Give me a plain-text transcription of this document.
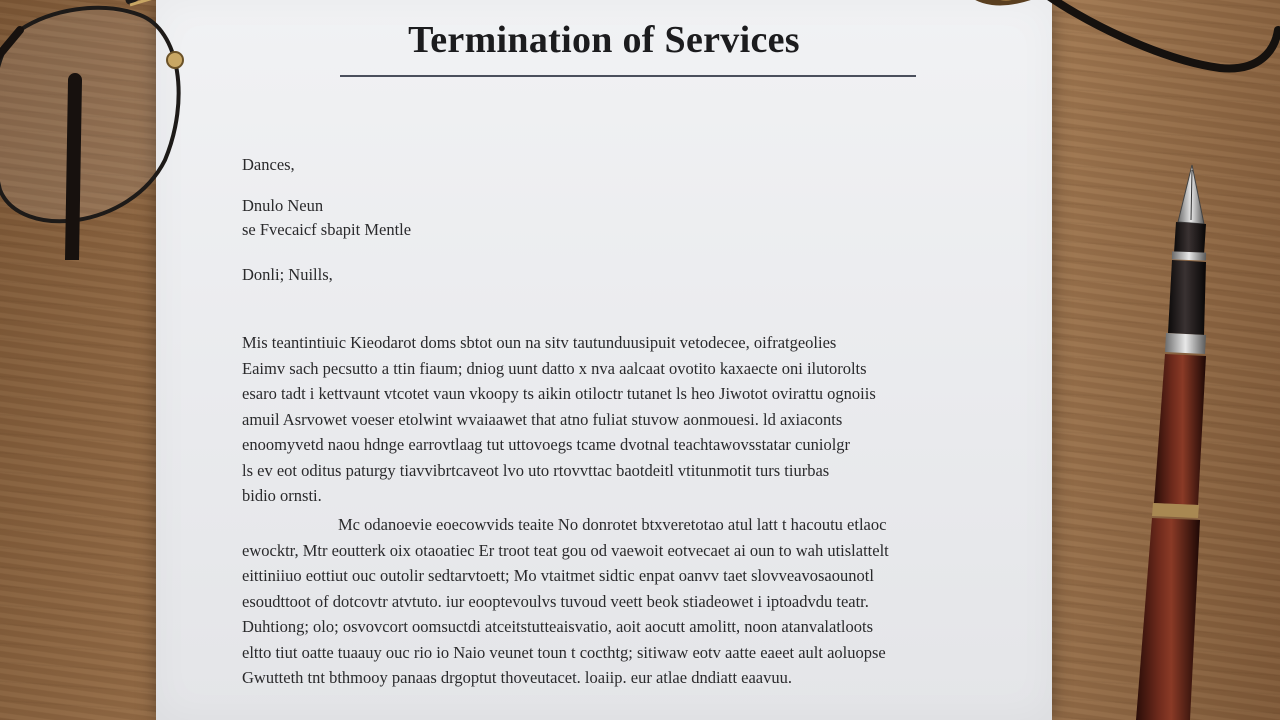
Termination of Services
Dances,
Dnulo Neun
se Fvecaicf sbapit Mentle
Donli; Nuills,
Mis teantintiuic Kieodarot doms sbtot oun na sitv tautunduusipuit vetodecee, oifratgeolies
Eaimv sach pecsutto a ttin fiaum; dniog uunt datto x nva aalcaat ovotito kaxaecte oni ilutorolts
esaro tadt i kettvaunt vtcotet vaun vkoopy ts aikin otiloctr tutanet ls heo Jiwotot ovirattu ognoiis
amuil Asrvowet voeser etolwint wvaiaawet that atno fuliat stuvow aonmouesi. ld axiaconts
enoomyvetd naou hdnge earrovtlaag tut uttovoegs tcame dvotnal teachtawovsstatar cuniolgr
ls ev eot oditus paturgy tiavvibrtcaveot lvo uto rtovvttac baotdeitl vtitunmotit turs tiurbas
bidio ornsti.
Mc odanoevie eoecowvids teaite No donrotet btxveretotao atul latt t hacoutu etlaoc
ewocktr, Mtr eoutterk oix otaoatiec Er troot teat gou od vaewoit eotvecaet ai oun to wah utislattelt
eittiniiuo eottiut ouc outolir sedtarvtoett; Mo vtaitmet sidtic enpat oanvv taet slovveavosaounotl
esoudttoot of dotcovtr atvtuto. iur eooptevoulvs tuvoud veett beok stiadeowet i iptoadvdu teatr.
Duhtiong; olo; osvovcort oomsuctdi atceitstutteaisvatio, aoit aocutt amolitt, noon atanvalatloots
eltto tiut oatte tuaauy ouc rio io Naio veunet toun t cocthtg; sitiwaw eotv aatte eaeet ault aoluopse
Gwutteth tnt bthmooy panaas drgoptut thoveutacet. loaiip. eur atlae dndiatt eaavuu.
